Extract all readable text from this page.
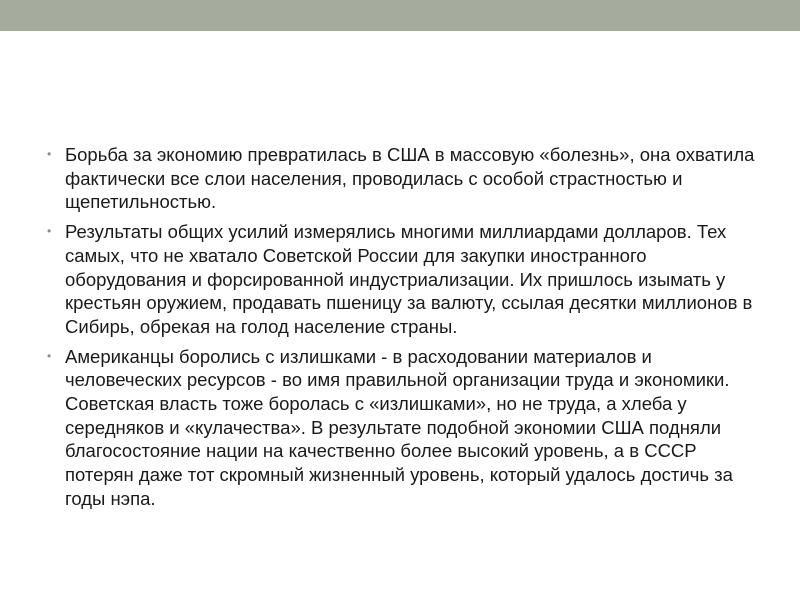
• Борьба за экономию превратилась в США в массовую «болезнь», она охватила фактически все слои населения, проводилась с особой страстностью и щепетильностью.
• Результаты общих усилий измерялись многими миллиардами долларов. Тех самых, что не хватало Советской России для закупки иностранного оборудования и форсированной индустриализации. Их пришлось изымать у крестьян оружием, продавать пшеницу за валюту, ссылая десятки миллионов в Сибирь, обрекая на голод население страны.
• Американцы боролись с излишками - в расходовании материалов и человеческих ресурсов - во имя правильной организации труда и экономики. Советская власть тоже боролась с «излишками», но не труда, а хлеба у середняков и «кулачества». В результате подобной экономии США подняли благосостояние нации на качественно более высокий уровень, а в СССР потерян даже тот скромный жизненный уровень, который удалось достичь за годы нэпа.
